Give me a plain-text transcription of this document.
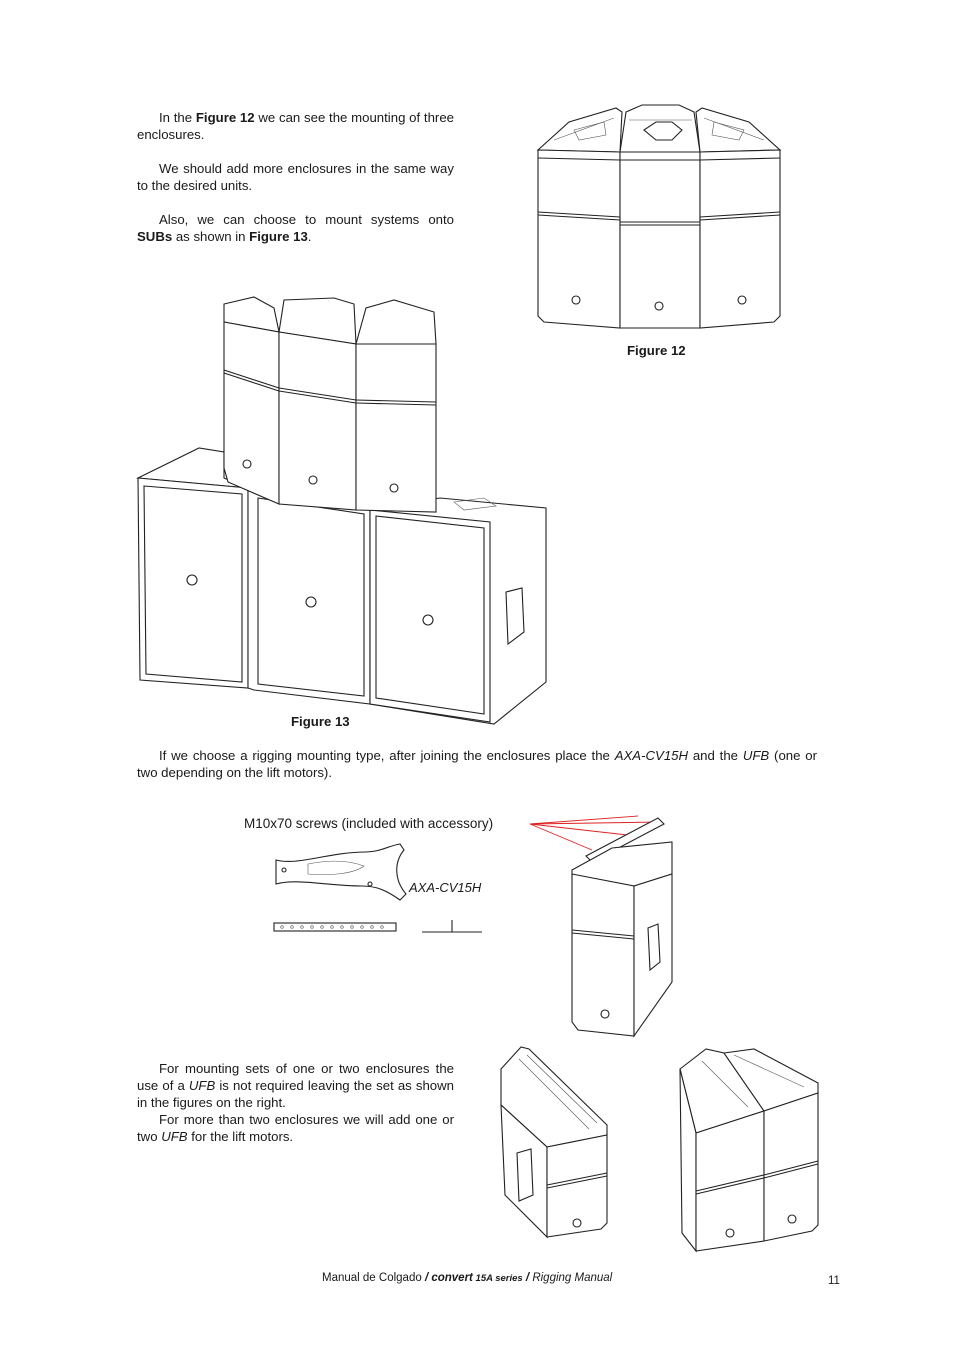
In the Figure 12 we can see the mounting of three enclosures.

We should add more enclosures in the same way to the desired units.

Also, we can choose to mount systems onto SUBs as shown in Figure 13.

Figure 12
Figure 13

If we choose a rigging mounting type, after joining the enclosures place the AXA-CV15H and the UFB (one or two depending on the lift motors).

M10x70 screws (included with accessory)
AXA-CV15H

For mounting sets of one or two enclosures the use of a UFB is not required leaving the set as shown in the figures on the right.

For more than two enclosures we will add one or two UFB for the lift motors.

Manual de Colgado / convert 15A series / Rigging Manual	11
